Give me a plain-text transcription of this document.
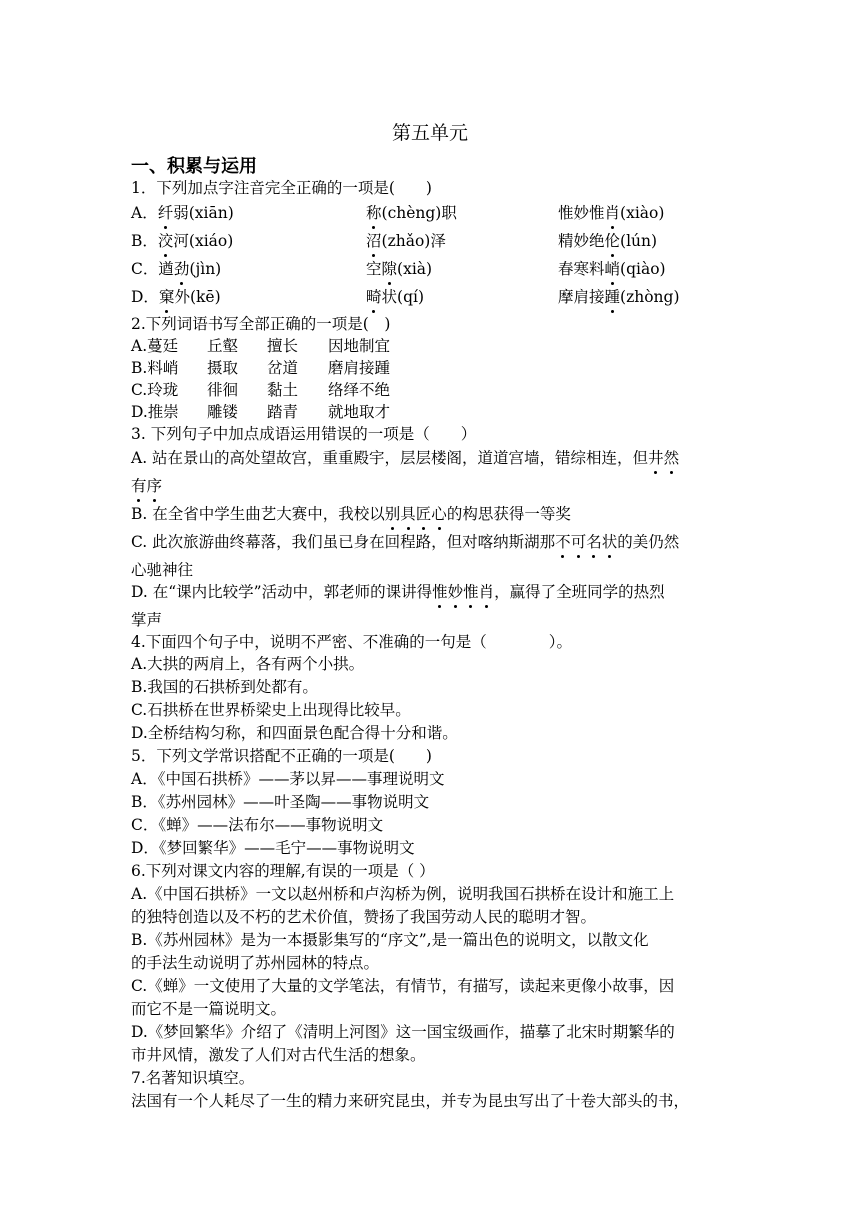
第五单元
一、积累与运用
1．下列加点字注音完全正确的一项是(　　)
A．纤弱(xiān)	称(chèng)职	惟妙惟肖(xiào)
B．洨河(xiáo)	沼(zhǎo)泽	精妙绝伦(lún)
C．遒劲(jìn)	空隙(xià)	春寒料峭(qiào)
D．窠外(kē)	畸状(qí)	摩肩接踵(zhòng)
2.下列词语书写全部正确的一项是(　)
A.蔓廷 丘壑 擅长 因地制宜
B.料峭 摄取 岔道 磨肩接踵
C.玲珑 徘徊 黏土 络绎不绝
D.推崇 雕镂 踏青 就地取才
3. 下列句子中加点成语运用错误的一项是（　　）
A. 站在景山的高处望故宫，重重殿宇，层层楼阁，道道宫墙，错综相连，但井然
有序
B. 在全省中学生曲艺大赛中，我校以别具匠心的构思获得一等奖
C. 此次旅游曲终幕落，我们虽已身在回程路，但对喀纳斯湖那不可名状的美仍然
心驰神往
D. 在“课内比较学”活动中，郭老师的课讲得惟妙惟肖，赢得了全班同学的热烈
掌声
4.下面四个句子中，说明不严密、不准确的一句是（　　　　）。
A.大拱的两肩上，各有两个小拱。
B.我国的石拱桥到处都有。
C.石拱桥在世界桥梁史上出现得比较早。
D.全桥结构匀称，和四面景色配合得十分和谐。
5．下列文学常识搭配不正确的一项是(　　)
A．《中国石拱桥》——茅以昇——事理说明文
B．《苏州园林》——叶圣陶——事物说明文
C．《蝉》——法布尔——事物说明文
D．《梦回繁华》——毛宁——事物说明文
6.下列对课文内容的理解,有误的一项是（ ）
A.《中国石拱桥》一文以赵州桥和卢沟桥为例，说明我国石拱桥在设计和施工上
的独特创造以及不朽的艺术价值，赞扬了我国劳动人民的聪明才智。
B.《苏州园林》是为一本摄影集写的“序文”,是一篇出色的说明文，以散文化
的手法生动说明了苏州园林的特点。
C.《蝉》一文使用了大量的文学笔法，有情节，有描写，读起来更像小故事，因
而它不是一篇说明文。
D.《梦回繁华》介绍了《清明上河图》这一国宝级画作，描摹了北宋时期繁华的
市井风情，激发了人们对古代生活的想象。
7.名著知识填空。
法国有一个人耗尽了一生的精力来研究昆虫，并专为昆虫写出了十卷大部头的书，
